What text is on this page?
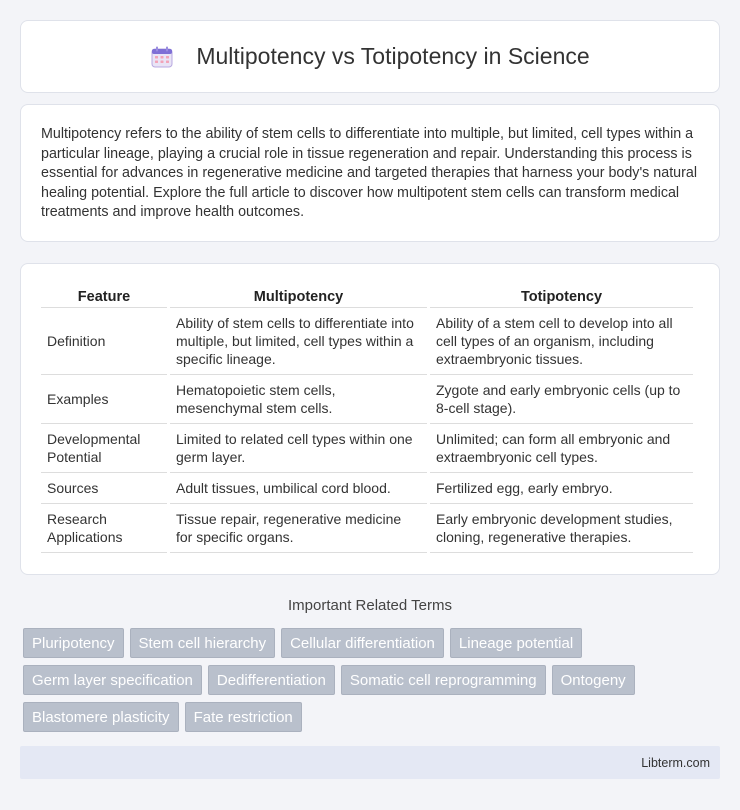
Multipotency vs Totipotency in Science

Multipotency refers to the ability of stem cells to differentiate into multiple, but limited, cell types within a particular lineage, playing a crucial role in tissue regeneration and repair. Understanding this process is essential for advances in regenerative medicine and targeted therapies that harness your body's natural healing potential. Explore the full article to discover how multipotent stem cells can transform medical treatments and improve health outcomes.

Feature	Multipotency	Totipotency
Definition	Ability of stem cells to differentiate into multiple, but limited, cell types within a specific lineage.	Ability of a stem cell to develop into all cell types of an organism, including extraembryonic tissues.
Examples	Hematopoietic stem cells, mesenchymal stem cells.	Zygote and early embryonic cells (up to 8-cell stage).
Developmental Potential	Limited to related cell types within one germ layer.	Unlimited; can form all embryonic and extraembryonic cell types.
Sources	Adult tissues, umbilical cord blood.	Fertilized egg, early embryo.
Research Applications	Tissue repair, regenerative medicine for specific organs.	Early embryonic development studies, cloning, regenerative therapies.
Important Related Terms
Pluripotency	Stem cell hierarchy	Cellular differentiation	Lineage potential
Germ layer specification	Dedifferentiation	Somatic cell reprogramming	Ontogeny
Blastomere plasticity	Fate restriction
Libterm.com
